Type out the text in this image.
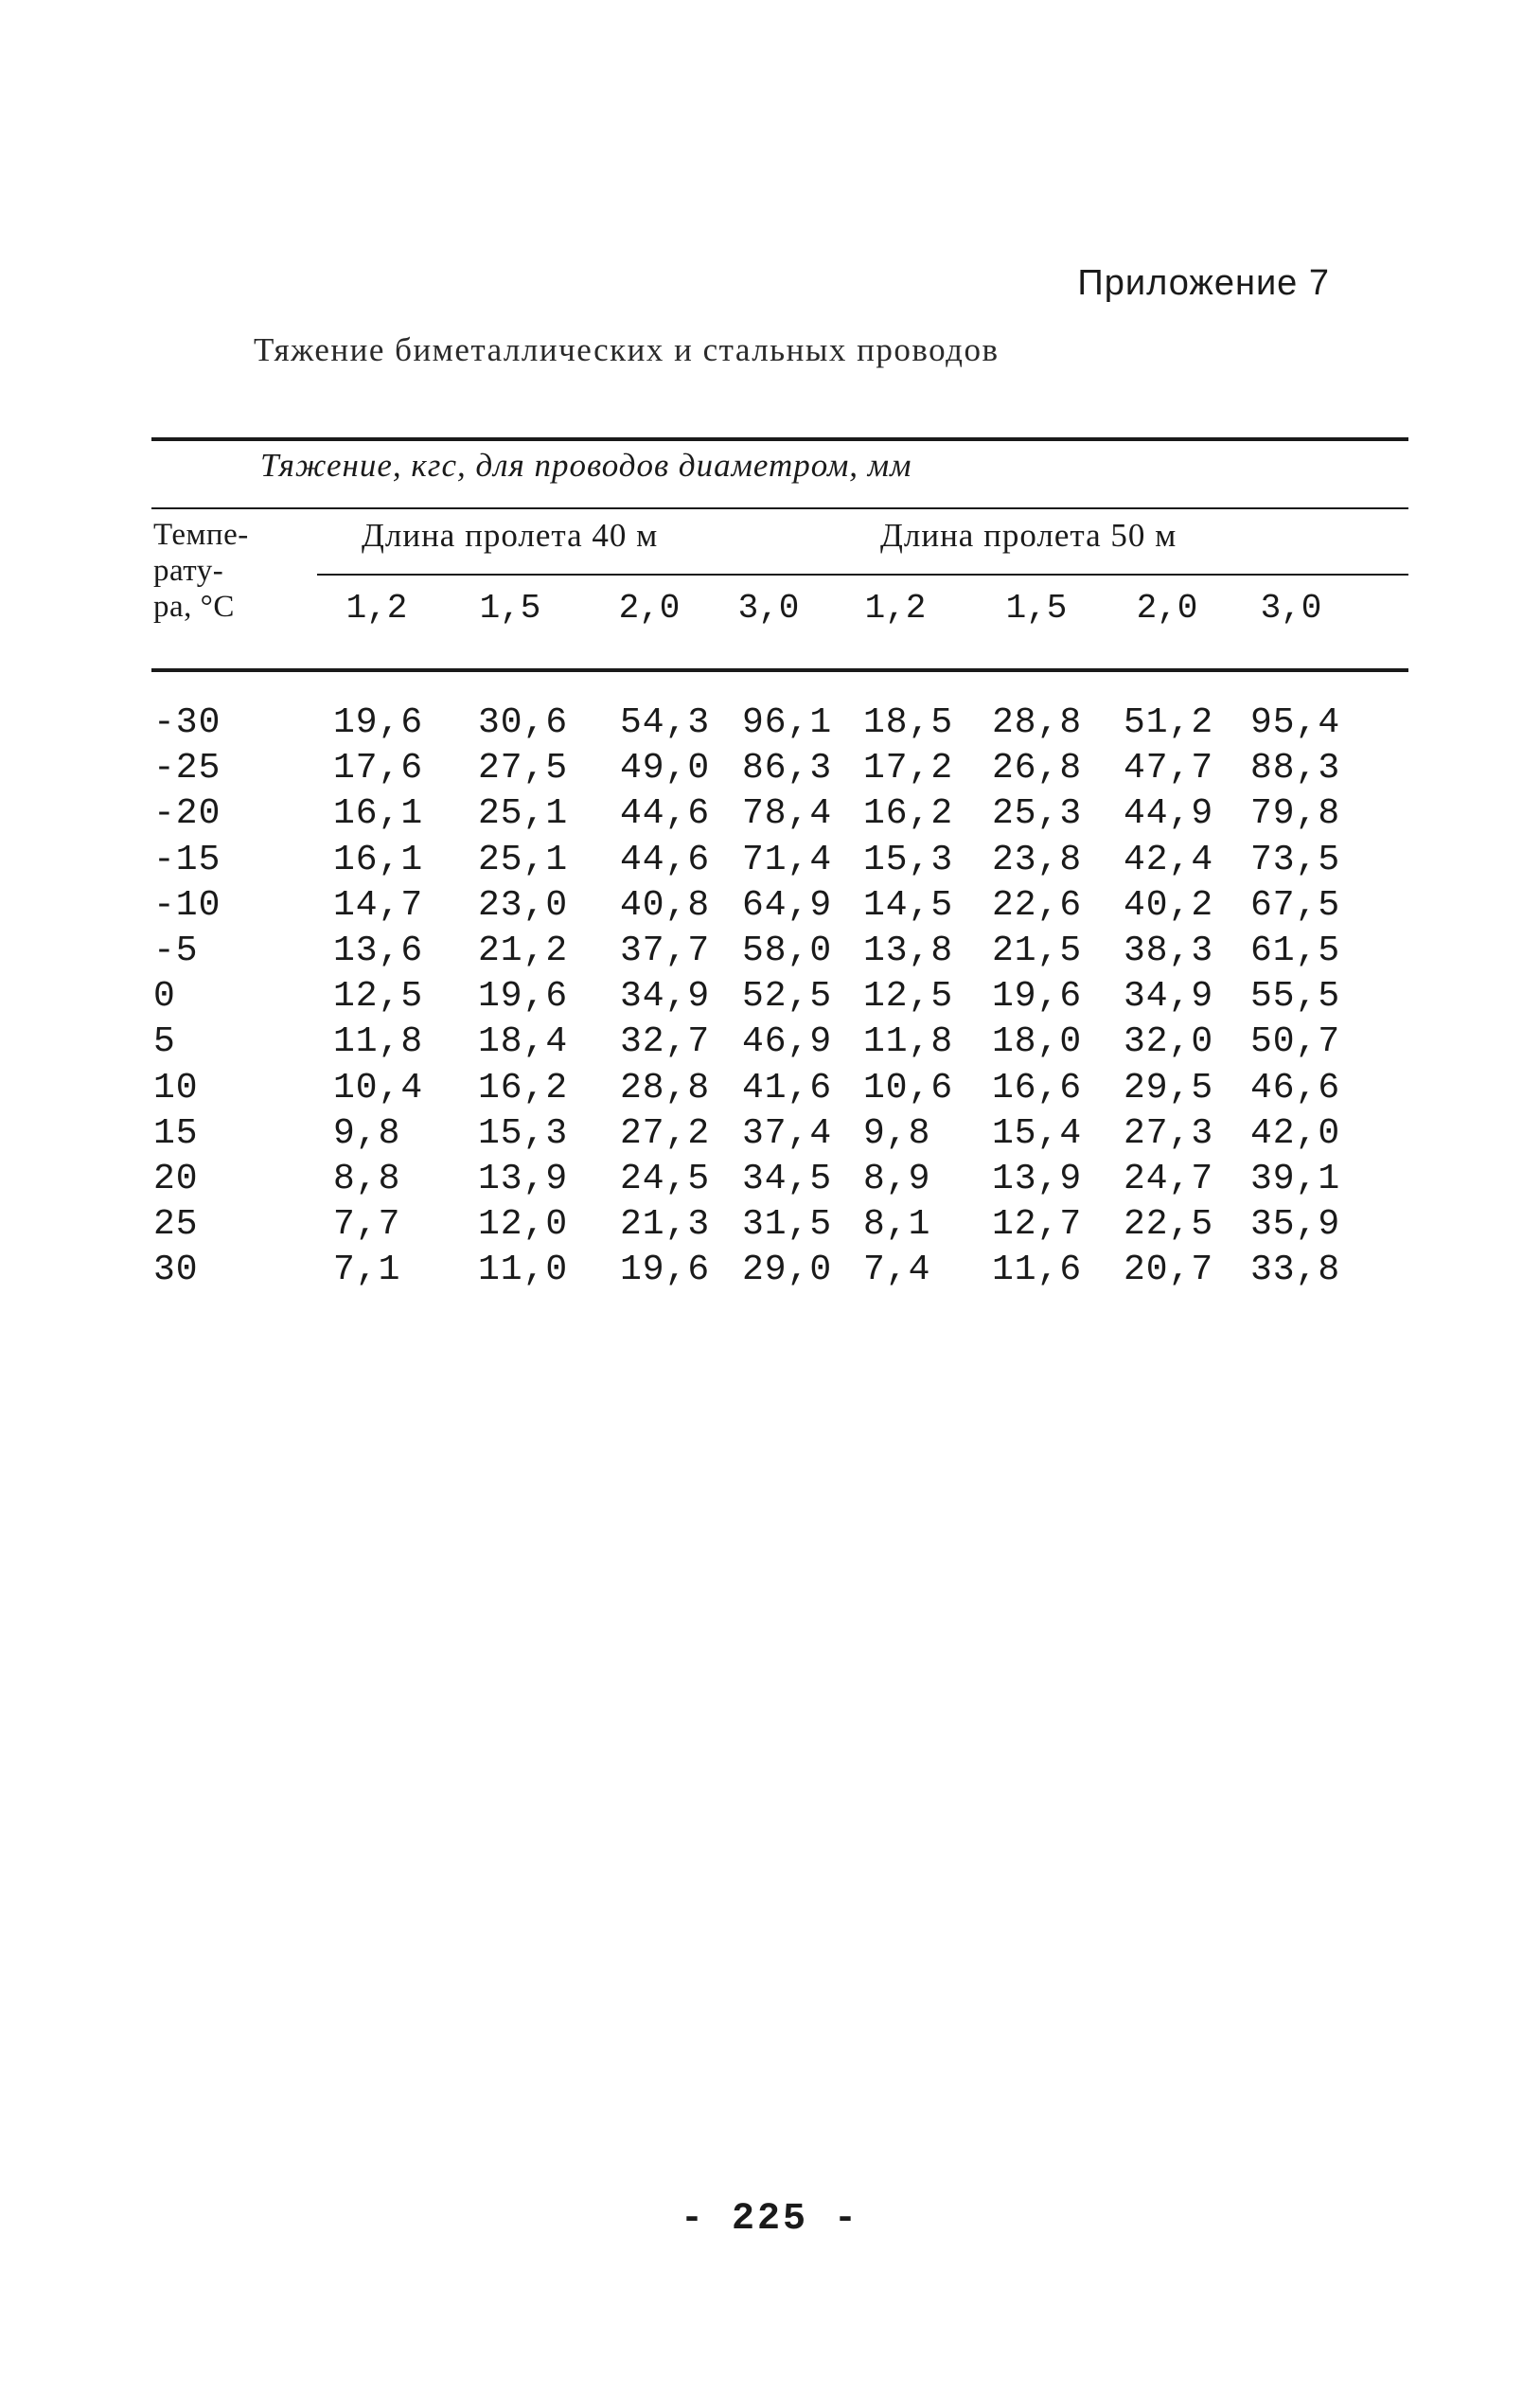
Приложение 7
Тяжение биметаллических и стальных проводов
Тяжение, кгс, для проводов диаметром, мм
Темпе-
рату-
ра, °С
Длина пролета 40 м	Длина пролета 50 м
1,2	1,5	2,0	3,0	1,2	1,5	2,0	3,0
-30	19,6 30,6 54,3 96,1 18,5 28,8 51,2 95,4
-25	17,6 27,5 49,0 86,3 17,2 26,8 47,7 88,3
-20	16,1 25,1 44,6 78,4 16,2 25,3 44,9 79,8
-15	16,1 25,1 44,6 71,4 15,3 23,8 42,4 73,5
-10	14,7 23,0 40,8 64,9 14,5 22,6 40,2 67,5
-5	13,6 21,2 37,7 58,0 13,8 21,5 38,3 61,5
0	12,5 19,6 34,9 52,5 12,5 19,6 34,9 55,5
5	11,8 18,4 32,7 46,9 11,8 18,0 32,0 50,7
10	10,4 16,2 28,8 41,6 10,6 16,6 29,5 46,6
15	9,8 15,3 27,2 37,4 9,8 15,4 27,3 42,0
20	8,8 13,9 24,5 34,5 8,9 13,9 24,7 39,1
25	7,7 12,0 21,3 31,5 8,1 12,7 22,5 35,9
30	7,1 11,0 19,6 29,0 7,4 11,6 20,7 33,8
- 225 -
